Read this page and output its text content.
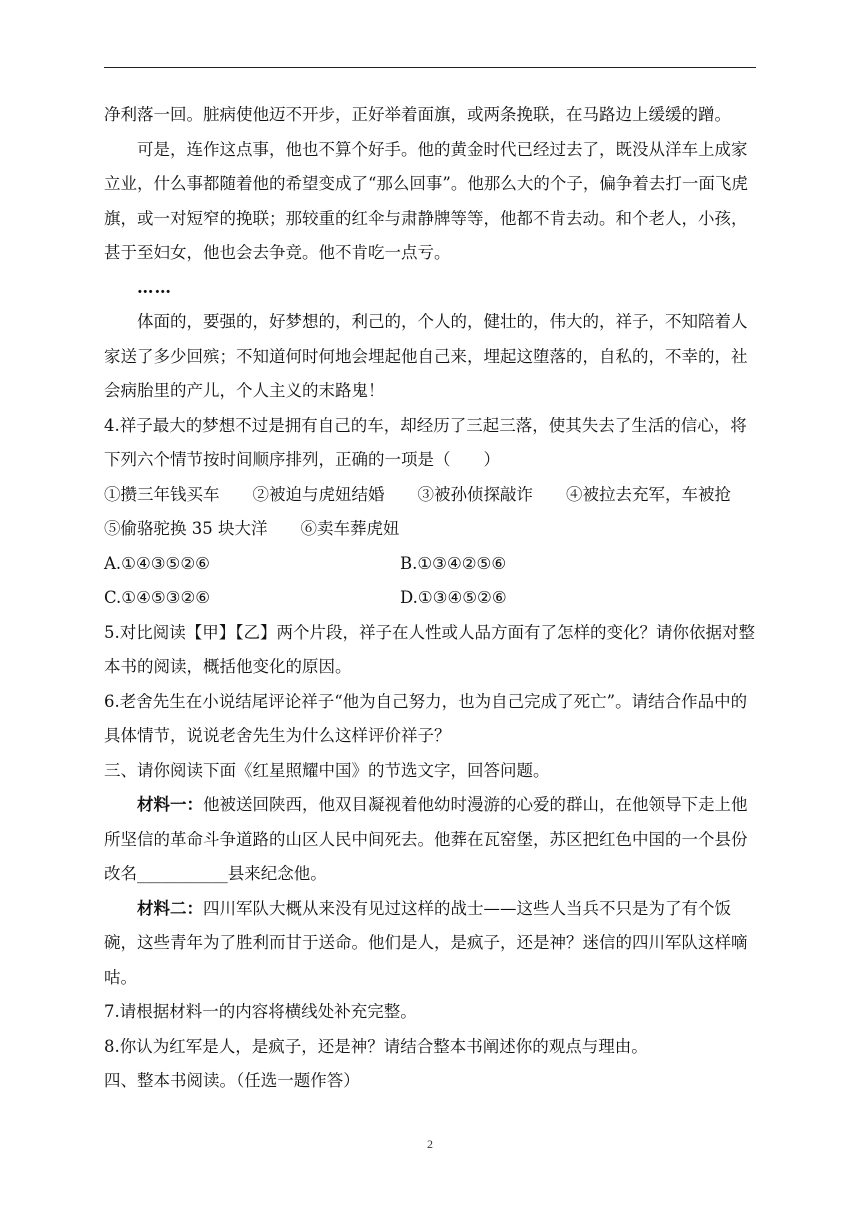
净利落一回。脏病使他迈不开步，正好举着面旗，或两条挽联，在马路边上缓缓的蹭。

可是，连作这点事，他也不算个好手。他的黄金时代已经过去了，既没从洋车上成家立业，什么事都随着他的希望变成了“那么回事”。他那么大的个子，偏争着去打一面飞虎旗，或一对短窄的挽联；那较重的红伞与肃静牌等等，他都不肯去动。和个老人，小孩，甚于至妇女，他也会去争竞。他不肯吃一点亏。

……

体面的，要强的，好梦想的，利己的，个人的，健壮的，伟大的，祥子，不知陪着人家送了多少回殡；不知道何时何地会埋起他自己来，埋起这堕落的，自私的，不幸的，社会病胎里的产儿，个人主义的末路鬼！

4.祥子最大的梦想不过是拥有自己的车，却经历了三起三落，使其失去了生活的信心，将下列六个情节按时间顺序排列，正确的一项是（　　）

①攒三年钱买车　　②被迫与虎妞结婚　　③被孙侦探敲诈　　④被拉去充军，车被抢　　⑤偷骆驼换 35 块大洋　　⑥卖车葬虎妞

A.①④③⑤②⑥	B.①③④②⑤⑥
C.①④⑤③②⑥	D.①③④⑤②⑥

5.对比阅读【甲】【乙】两个片段，祥子在人性或人品方面有了怎样的变化？请你依据对整本书的阅读，概括他变化的原因。

6.老舍先生在小说结尾评论祥子“他为自己努力，也为自己完成了死亡”。请结合作品中的具体情节，说说老舍先生为什么这样评价祥子？

三、请你阅读下面《红星照耀中国》的节选文字，回答问题。

材料一：他被送回陕西，他双目凝视着他幼时漫游的心爱的群山，在他领导下走上他所坚信的革命斗争道路的山区人民中间死去。他葬在瓦窑堡，苏区把红色中国的一个县份改名___________县来纪念他。

材料二：四川军队大概从来没有见过这样的战士——这些人当兵不只是为了有个饭碗，这些青年为了胜利而甘于送命。他们是人，是疯子，还是神？迷信的四川军队这样嘀咕。

7.请根据材料一的内容将横线处补充完整。

8.你认为红军是人，是疯子，还是神？请结合整本书阐述你的观点与理由。

四、整本书阅读。（任选一题作答）

2
